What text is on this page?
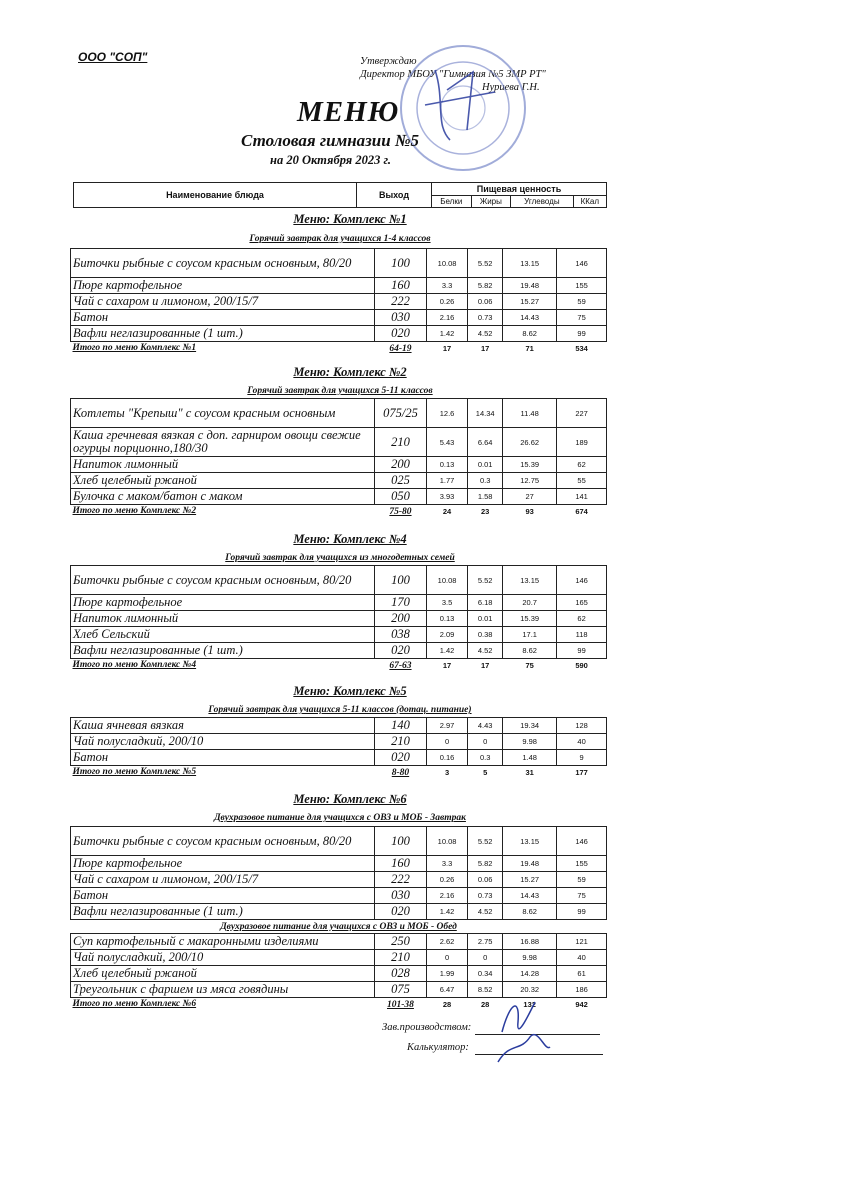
ООО "СОП"	Утверждаю
Директор МБОУ "Гимназия №5 ЗМР РТ"
Нуриева Г.Н.
МЕНЮ
Столовая гимназии №5
на 20 Октября 2023 г.
Наименование блюда	Выход	Пищевая ценность			
		Белки	Жиры	Углеводы	ККал
Меню: Комплекс №1
Горячий завтрак для учащихся 1-4 классов
Биточки рыбные с соусом красным основным, 80/20	100	10.08	5.52	13.15	146
Пюре картофельное	160	3.3	5.82	19.48	155
Чай с сахаром и лимоном, 200/15/7	222	0.26	0.06	15.27	59
Батон	030	2.16	0.73	14.43	75
Вафли неглазированные (1 шт.)	020	1.42	4.52	8.62	99
Итого по меню Комплекс №1	64-19	17	17	71	534
Меню: Комплекс №2
Горячий завтрак для учащихся 5-11 классов
Котлеты "Крепыш" с соусом красным основным	075/25	12.6	14.34	11.48	227
Каша гречневая вязкая с доп. гарниром овощи свежие огурцы порционно,180/30	210	5.43	6.64	26.62	189
Напиток лимонный	200	0.13	0.01	15.39	62
Хлеб целебный ржаной	025	1.77	0.3	12.75	55
Булочка с маком/батон с маком	050	3.93	1.58	27	141
Итого по меню Комплекс №2	75-80	24	23	93	674
Меню: Комплекс №4
Горячий завтрак для учащихся из многодетных семей
Биточки рыбные с соусом красным основным, 80/20	100	10.08	5.52	13.15	146
Пюре картофельное	170	3.5	6.18	20.7	165
Напиток лимонный	200	0.13	0.01	15.39	62
Хлеб Сельский	038	2.09	0.38	17.1	118
Вафли неглазированные (1 шт.)	020	1.42	4.52	8.62	99
Итого по меню Комплекс №4	67-63	17	17	75	590
Меню: Комплекс №5
Горячий завтрак для учащихся 5-11 классов (дотац. питание)
Каша ячневая вязкая	140	2.97	4.43	19.34	128
Чай полусладкий, 200/10	210	0	0	9.98	40
Батон	020	0.16	0.3	1.48	9
Итого по меню Комплекс №5	8-80	3	5	31	177
Меню: Комплекс №6
Двухразовое питание для учащихся с ОВЗ и МОБ - Завтрак
Биточки рыбные с соусом красным основным, 80/20	100	10.08	5.52	13.15	146
Пюре картофельное	160	3.3	5.82	19.48	155
Чай с сахаром и лимоном, 200/15/7	222	0.26	0.06	15.27	59
Батон	030	2.16	0.73	14.43	75
Вафли неглазированные (1 шт.)	020	1.42	4.52	8.62	99
Двухразовое питание для учащихся с ОВЗ и МОБ - Обед					
Суп картофельный с макаронными изделиями	250	2.62	2.75	16.88	121
Чай полусладкий, 200/10	210	0	0	9.98	40
Хлеб целебный ржаной	028	1.99	0.34	14.28	61
Треугольник с фаршем из мяса говядины	075	6.47	8.52	20.32	186
Итого по меню Комплекс №6	101-38	28	28	132	942
Зав.производством:
Калькулятор:
